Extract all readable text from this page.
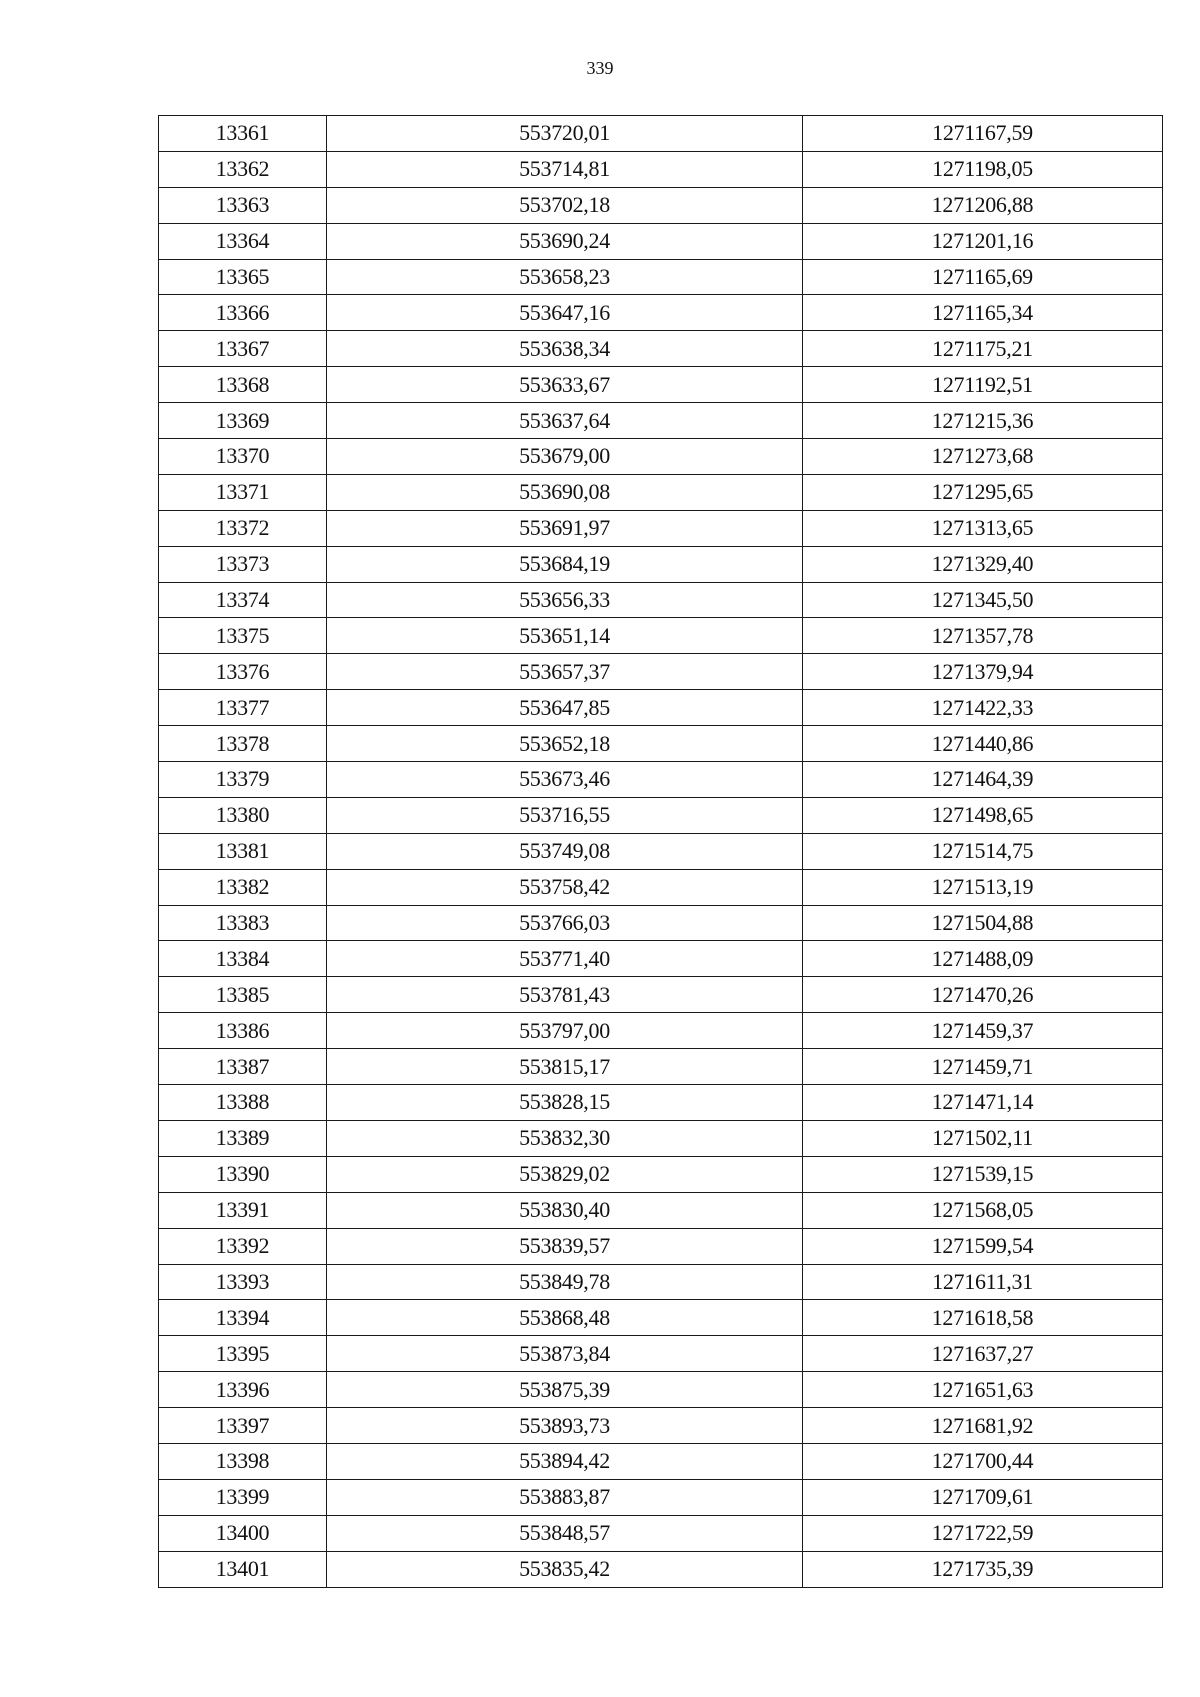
339
13361	553720,01	1271167,59
13362	553714,81	1271198,05
13363	553702,18	1271206,88
13364	553690,24	1271201,16
13365	553658,23	1271165,69
13366	553647,16	1271165,34
13367	553638,34	1271175,21
13368	553633,67	1271192,51
13369	553637,64	1271215,36
13370	553679,00	1271273,68
13371	553690,08	1271295,65
13372	553691,97	1271313,65
13373	553684,19	1271329,40
13374	553656,33	1271345,50
13375	553651,14	1271357,78
13376	553657,37	1271379,94
13377	553647,85	1271422,33
13378	553652,18	1271440,86
13379	553673,46	1271464,39
13380	553716,55	1271498,65
13381	553749,08	1271514,75
13382	553758,42	1271513,19
13383	553766,03	1271504,88
13384	553771,40	1271488,09
13385	553781,43	1271470,26
13386	553797,00	1271459,37
13387	553815,17	1271459,71
13388	553828,15	1271471,14
13389	553832,30	1271502,11
13390	553829,02	1271539,15
13391	553830,40	1271568,05
13392	553839,57	1271599,54
13393	553849,78	1271611,31
13394	553868,48	1271618,58
13395	553873,84	1271637,27
13396	553875,39	1271651,63
13397	553893,73	1271681,92
13398	553894,42	1271700,44
13399	553883,87	1271709,61
13400	553848,57	1271722,59
13401	553835,42	1271735,39
